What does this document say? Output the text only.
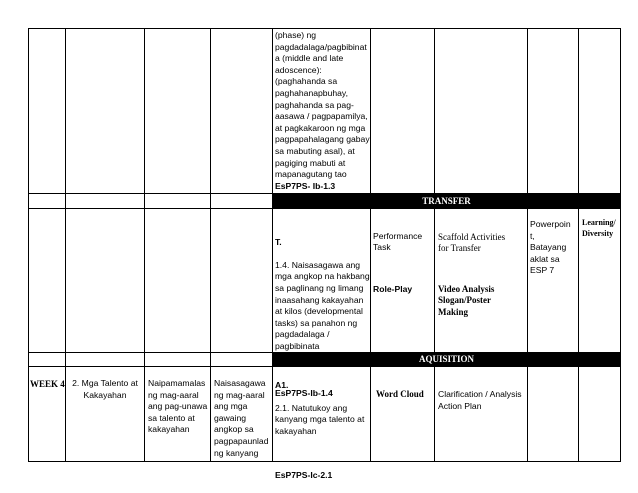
(phase) ng
pagdadalaga/pagbibinat
a (middle and late
adoscence):
(paghahanda sa
paghahanapbuhay,
paghahanda sa pag-
aasawa / pagpapamilya,
at pagkakaroon ng mga
pagpapahalagang gabay
sa mabuting asal), at
pagiging mabuti at
mapanagutang tao
EsP7PS- Ib-1.3
TRANSFER

T.

1.4. Naisasagawa ang
mga angkop na hakbang
sa paglinang ng limang
inaasahang kakayahan
at kilos (developmental
tasks) sa panahon ng
pagdadalaga /
pagbibinata

EsP7PS-Ib-1.4

Performance
Task

Role-Play

Scaffold Activities
for Transfer

Video Analysis
Slogan/Poster
Making

Powerpoin
t,
Batayang
aklat sa
ESP 7
Learning/
Diversity
AQUISITION
WEEK 4 2. Mga Talento at
Kakayahan
Naipamamalas
ng mag-aaral
ang pag-unawa
sa talento at
kakayahan
Naisasagawa
ng mag-aaral
ang mga
gawaing
angkop sa
pagpapaunlad
ng kanyang

A1.

2.1. Natutukoy ang
kanyang mga talento at
kakayahan

EsP7PS-Ic-2.1

Word Cloud	Clarification / Analysis
Action Plan
